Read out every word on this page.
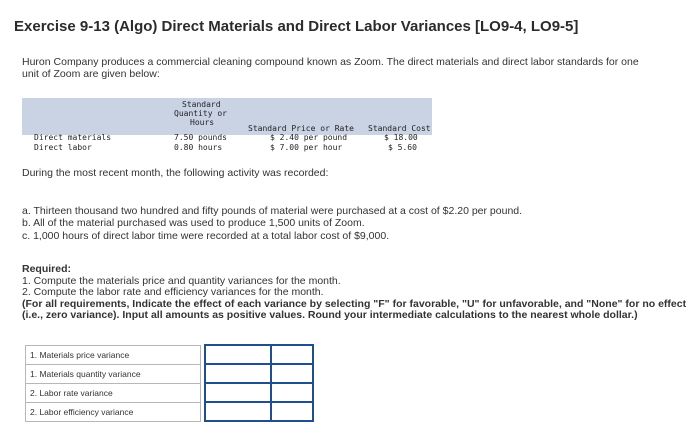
Exercise 9-13 (Algo) Direct Materials and Direct Labor Variances [LO9-4, LO9-5]
Huron Company produces a commercial cleaning compound known as Zoom. The direct materials and direct labor standards for one
unit of Zoom are given below:
Standard
Quantity or
Hours
Standard Price or Rate Standard Cost
Direct materials	7.50 pounds	$ 2.40 per pound	$ 18.00
Direct labor	0.80 hours	$ 7.00 per hour	$ 5.60
During the most recent month, the following activity was recorded:
a. Thirteen thousand two hundred and fifty pounds of material were purchased at a cost of $2.20 per pound.
b. All of the material purchased was used to produce 1,500 units of Zoom.
c. 1,000 hours of direct labor time were recorded at a total labor cost of $9,000.
Required:
1. Compute the materials price and quantity variances for the month.
2. Compute the labor rate and efficiency variances for the month.
(For all requirements, Indicate the effect of each variance by selecting "F" for favorable, "U" for unfavorable, and "None" for no effect (i.e., zero variance). Input all amounts as positive values. Round your intermediate calculations to the nearest whole dollar.)
1. Materials price variance			
1. Materials quantity variance			
2. Labor rate variance			
2. Labor efficiency variance			
